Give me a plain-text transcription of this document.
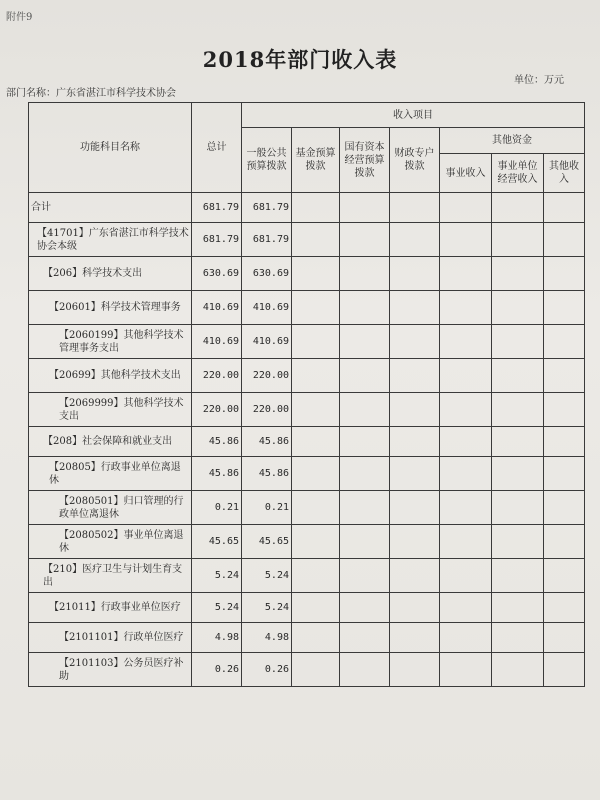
附件9
2018年部门收入表
单位：万元
部门名称：广东省湛江市科学技术协会
功能科目名称	总计	收入项目						
		一般公共预算拨款	基金预算拨款	国有资本经营预算拨款	财政专户拨款	其他资金		
						事业收入	事业单位经营收入	其他收入
合计	681.79	681.79						
【41701】广东省湛江市科学技术协会本级	681.79	681.79						
【206】科学技术支出	630.69	630.69						
【20601】科学技术管理事务	410.69	410.69						
【2060199】其他科学技术管理事务支出	410.69	410.69						
【20699】其他科学技术支出	220.00	220.00						
【2069999】其他科学技术支出	220.00	220.00						
【208】社会保障和就业支出	45.86	45.86						
【20805】行政事业单位离退休	45.86	45.86						
【2080501】归口管理的行政单位离退休	0.21	0.21						
【2080502】事业单位离退休	45.65	45.65						
【210】医疗卫生与计划生育支出	5.24	5.24						
【21011】行政事业单位医疗	5.24	5.24						
【2101101】行政单位医疗	4.98	4.98						
【2101103】公务员医疗补助	0.26	0.26						
